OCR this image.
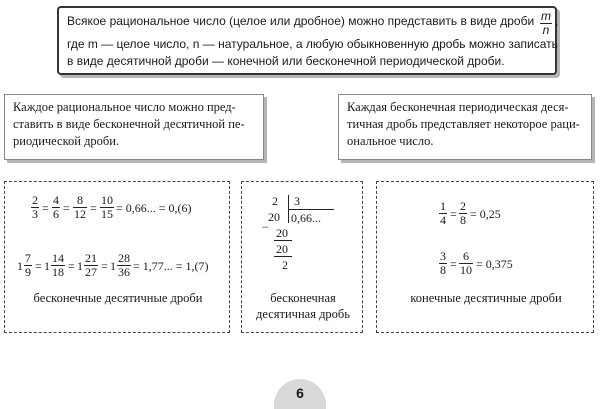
Всякое рациональное число (целое или дробное) можно представить в виде дроби m
n
,
где m — целое число, n — натуральное, а любую обыкновенную дробь можно записать
в виде десятичной дроби — конечной или бесконечной периодической дроби.
Каждое рациональное число можно пред-
ставить в виде бесконечной десятичной пе-
риодической дроби.
Каждая бесконечная периодическая деся-
тичная дробь представляет некоторое раци-
ональное число.
2
3 =
4
6 =
8
12 =
10
15 = 0,66... = 0,(6)
1
7
9 = 1
14
18 = 1
21
27 = 1
28
36 = 1,77... = 1,(7)
бесконечные десятичные дроби
2 3
20 0,66...
− 20
20
2
бесконечная
десятичная дробь
1
4 =
2
8 = 0,25
3
8 =
6
10 = 0,375
конечные десятичные дроби
6
